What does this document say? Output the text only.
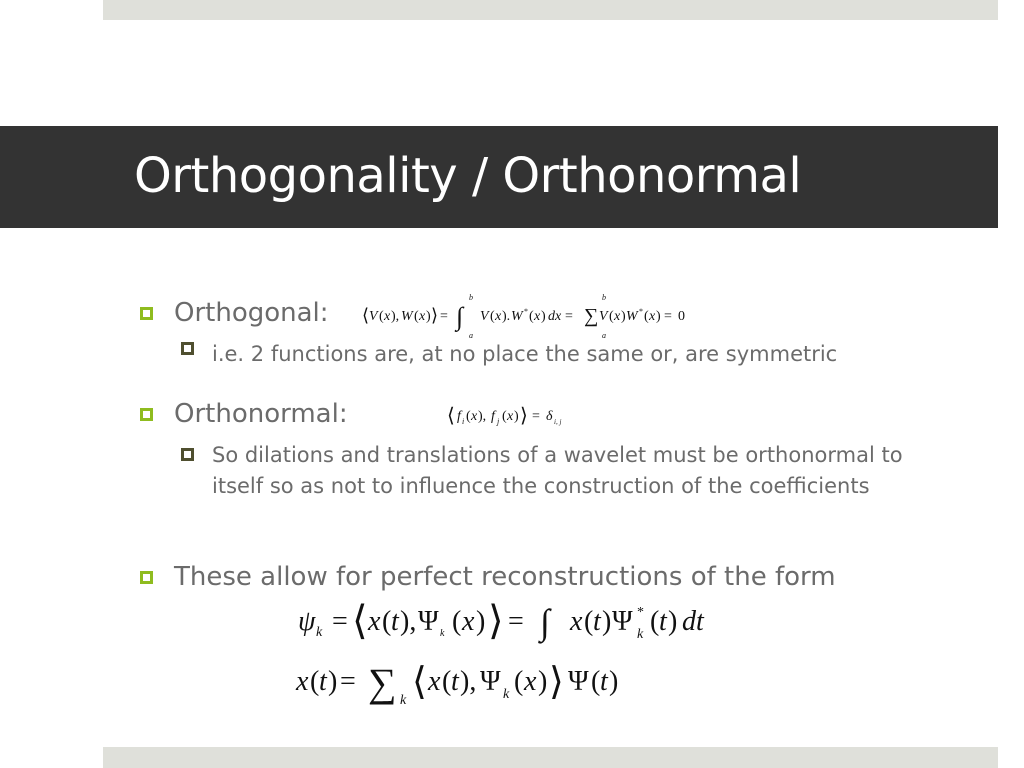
Orthogonality / Orthonormal
Orthogonal: ⟨ V ( x ), W ( x ) ⟩ = ∫
b
a
V ( x ). W * ( x ) dx = ∑
b
a
V ( x ) W * ( x ) = 0
i.e. 2 functions are, at no place the same or, are symmetric
Orthonormal:	⟨ f i ( x ), f j ( x ) ⟩ = δ i, j
So dilations and translations of a wavelet must be orthonormal to itself so as not to influence the construction of the coefficients
These allow for perfect reconstructions of the form
ψ k = ⟨ x ( t ), Ψ k ( x ) ⟩ = ∫ x ( t ) Ψ *
k ( t ) dt
x ( t ) = ∑ k ⟨ x ( t ), Ψ k ( x ) ⟩ Ψ ( t )
